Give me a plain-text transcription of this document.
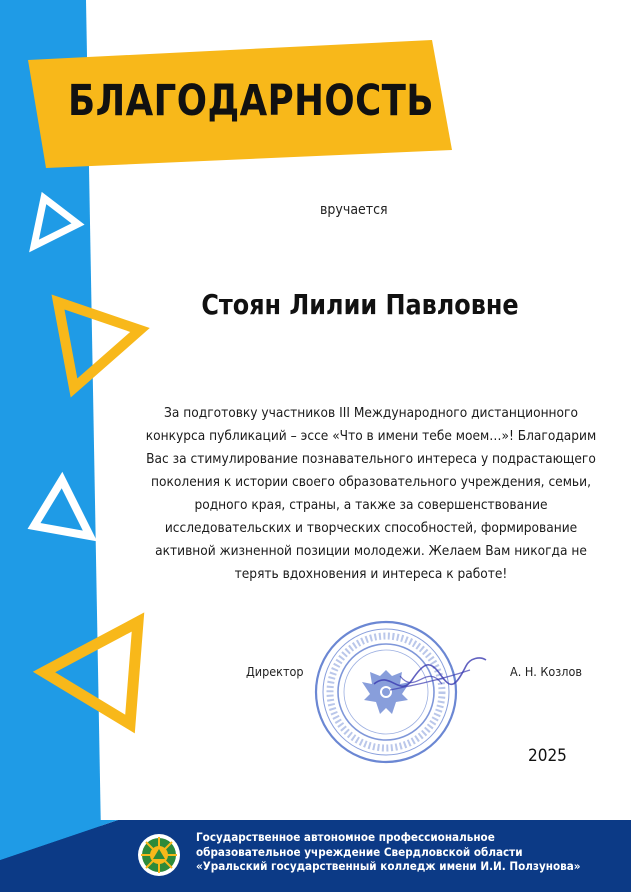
БЛАГОДАРНОСТЬ
вручается
Стоян Лилии Павловне
За подготовку участников III Международного дистанционного
конкурса публикаций – эссе «Что в имени тебе моем…»! Благодарим
Вас за стимулирование познавательного интереса у подрастающего
поколения к истории своего образовательного учреждения, семьи,
родного края, страны, а также за совершенствование
исследовательских и творческих способностей, формирование
активной жизненной позиции молодежи. Желаем Вам никогда не
терять вдохновения и интереса к работе!
Директор	А. Н. Козлов
2025
Государственное автономное профессиональное
образовательное учреждение Свердловской области
«Уральский государственный колледж имени И.И. Ползунова»
